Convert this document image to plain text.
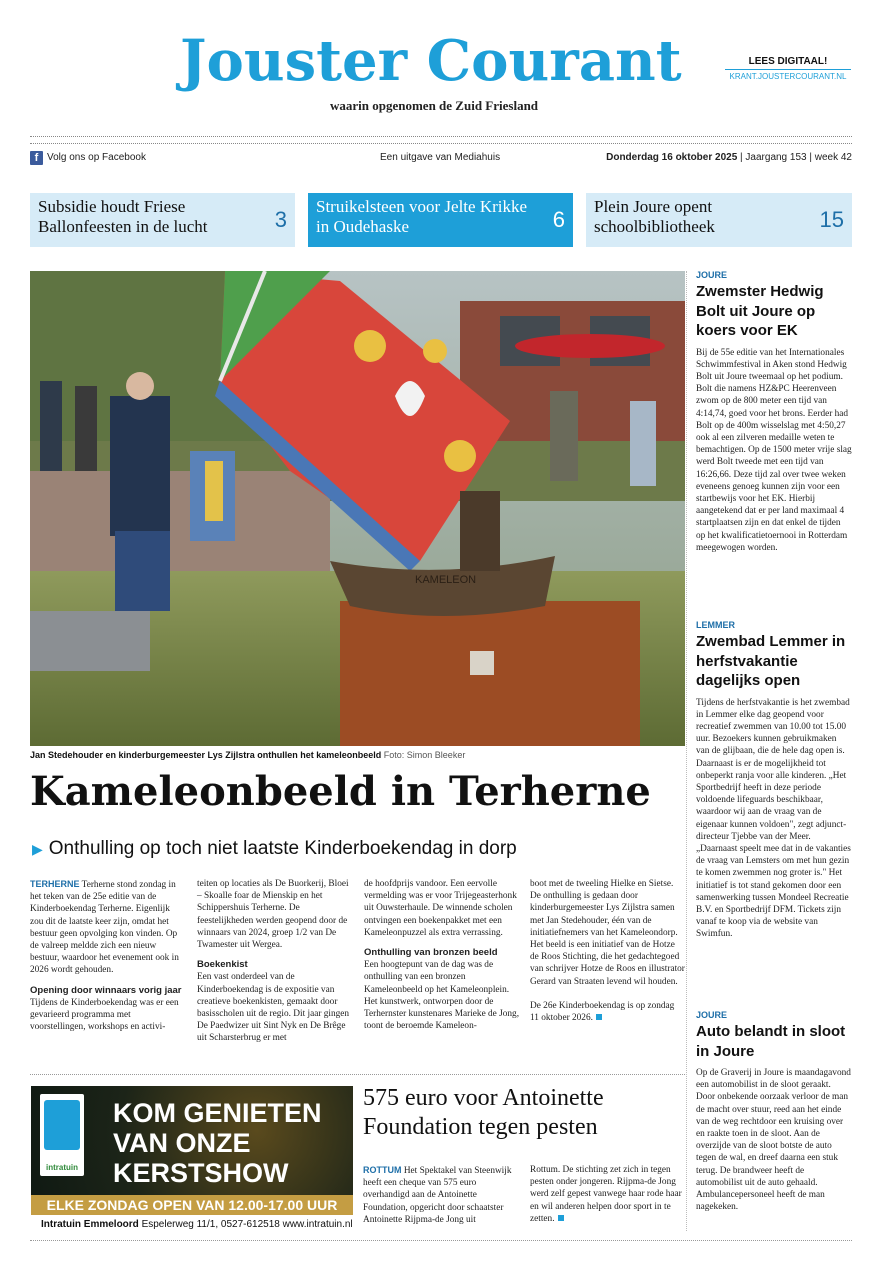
Jouster Courant
waarin opgenomen de Zuid Friesland
LEES DIGITAAL!
KRANT.JOUSTERCOURANT.NL
f Volg ons op Facebook	Een uitgave van Mediahuis	Donderdag 16 oktober 2025 | Jaargang 153 | week 42
Subsidie houdt Friese Ballonfeesten in de lucht	3
Struikelsteen voor Jelte Krikke in Oudehaske	6
Plein Joure opent schoolbibliotheek	15
KAMELEON
Jan Stedehouder en kinderburgemeester Lys Zijlstra onthullen het kameleonbeeld Foto: Simon Bleeker
Kameleonbeeld in Terherne
▶ Onthulling op toch niet laatste Kinderboekendag in dorp
TERHERNE Terherne stond zondag in het teken van de 25e editie van de Kinderboekendag Terherne. Eigenlijk zou dit de laatste keer zijn, omdat het bestuur geen opvolging kon vinden. Op de valreep meldde zich een nieuw bestuur, waardoor het evenement ook in 2026 wordt gehouden.
Opening door winnaars vorig jaar
Tijdens de Kinderboekendag was er een gevarieerd programma met voorstellingen, workshops en activi-
teiten op locaties als De Buorkerij, Bloei – Skoalle foar de Mienskip en het Schippershuis Terherne. De feestelijkheden werden geopend door de winnaars van 2024, groep 1/2 van De Twamester uit Wergea.
Boekenkist
Een vast onderdeel van de Kinderboekendag is de expositie van creatieve boekenkisten, gemaakt door basisscholen uit de regio. Dit jaar gingen De Paedwizer uit Sint Nyk en De Brêge uit Scharsterbrug er met
de hoofdprijs vandoor. Een eervolle vermelding was er voor Trijegeasterhonk uit Ouwsterhaule. De winnende scholen ontvingen een boekenpakket met een Kameleonpuzzel als extra verrassing.
Onthulling van bronzen beeld
Een hoogtepunt van de dag was de onthulling van een bronzen Kameleonbeeld op het Kameleonplein. Het kunstwerk, ontworpen door de Terhernster kunstenares Marieke de Jong, toont de beroemde Kameleon-
boot met de tweeling Hielke en Sietse. De onthulling is gedaan door kinderburgemeester Lys Zijlstra samen met Jan Stedehouder, één van de initiatiefnemers van het Kameleondorp.
Het beeld is een initiatief van de Hotze de Roos Stichting, die het gedachtegoed van schrijver Hotze de Roos en illustrator Gerard van Straaten levend wil houden.

De 26e Kinderboekendag is op zondag 11 oktober 2026.
intratuin
KOM GENIETEN VAN ONZE KERSTSHOW
ELKE ZONDAG OPEN VAN 12.00-17.00 UUR
Intratuin Emmeloord Espelerweg 11/1, 0527-612518 www.intratuin.nl
575 euro voor Antoinette Foundation tegen pesten
ROTTUM Het Spektakel van Steenwijk heeft een cheque van 575 euro overhandigd aan de Antoinette Foundation, opgericht door schaatster Antoinette Rijpma-de Jong uit
Rottum. De stichting zet zich in tegen pesten onder jongeren. Rijpma-de Jong werd zelf gepest vanwege haar rode haar en wil anderen helpen door sport in te zetten.
JOURE
Zwemster Hedwig Bolt uit Joure op koers voor EK
Bij de 55e editie van het Internationales Schwimmfestival in Aken stond Hedwig Bolt uit Joure tweemaal op het podium. Bolt die namens HZ&PC Heerenveen zwom op de 800 meter een tijd van 4:14,74, goed voor het brons. Eerder had Bolt op de 400m wisselslag met 4:50,27 ook al een zilveren medaille weten te bemachtigen. Op de 1500 meter vrije slag werd Bolt tweede met een tijd van 16:26,66. Deze tijd zal over twee weken eveneens genoeg kunnen zijn voor een startbewijs voor het EK. Hierbij aangetekend dat er per land maximaal 4 startplaatsen zijn en dat enkel de tijden op het kwalificatietoernooi in Rotterdam meegewogen worden.
LEMMER
Zwembad Lemmer in herfstvakantie dagelijks open
Tijdens de herfstvakantie is het zwembad in Lemmer elke dag geopend voor recreatief zwemmen van 10.00 tot 15.00 uur. Bezoekers kunnen gebruikmaken van de glijbaan, die de hele dag open is. Daarnaast is er de mogelijkheid tot onbeperkt ranja voor alle kinderen. „Het Sportbedrijf heeft in deze periode voldoende lifeguards beschikbaar, waardoor wij aan de vraag van de eigenaar kunnen voldoen", zegt adjunct-directeur Tjebbe van der Meer. „Daarnaast speelt mee dat in de vakanties de vraag van Lemsters om met hun gezin te komen zwemmen nog groter is." Het initiatief is tot stand gekomen door een samenwerking tussen Mondeel Recreatie B.V. en Sportbedrijf DFM. Tickets zijn vanaf te koop via de website van Swimfun.
JOURE
Auto belandt in sloot in Joure
Op de Graverij in Joure is maandagavond een automobilist in de sloot geraakt. Door onbekende oorzaak verloor de man de macht over stuur, reed aan het einde van de weg rechtdoor een kruising over en raakte toen in de sloot. Aan de overzijde van de sloot botste de auto tegen de wal, en dreef daarna een stuk terug. De brandweer heeft de automobilist uit de auto gehaald. Ambulancepersoneel heeft de man nagekeken.
